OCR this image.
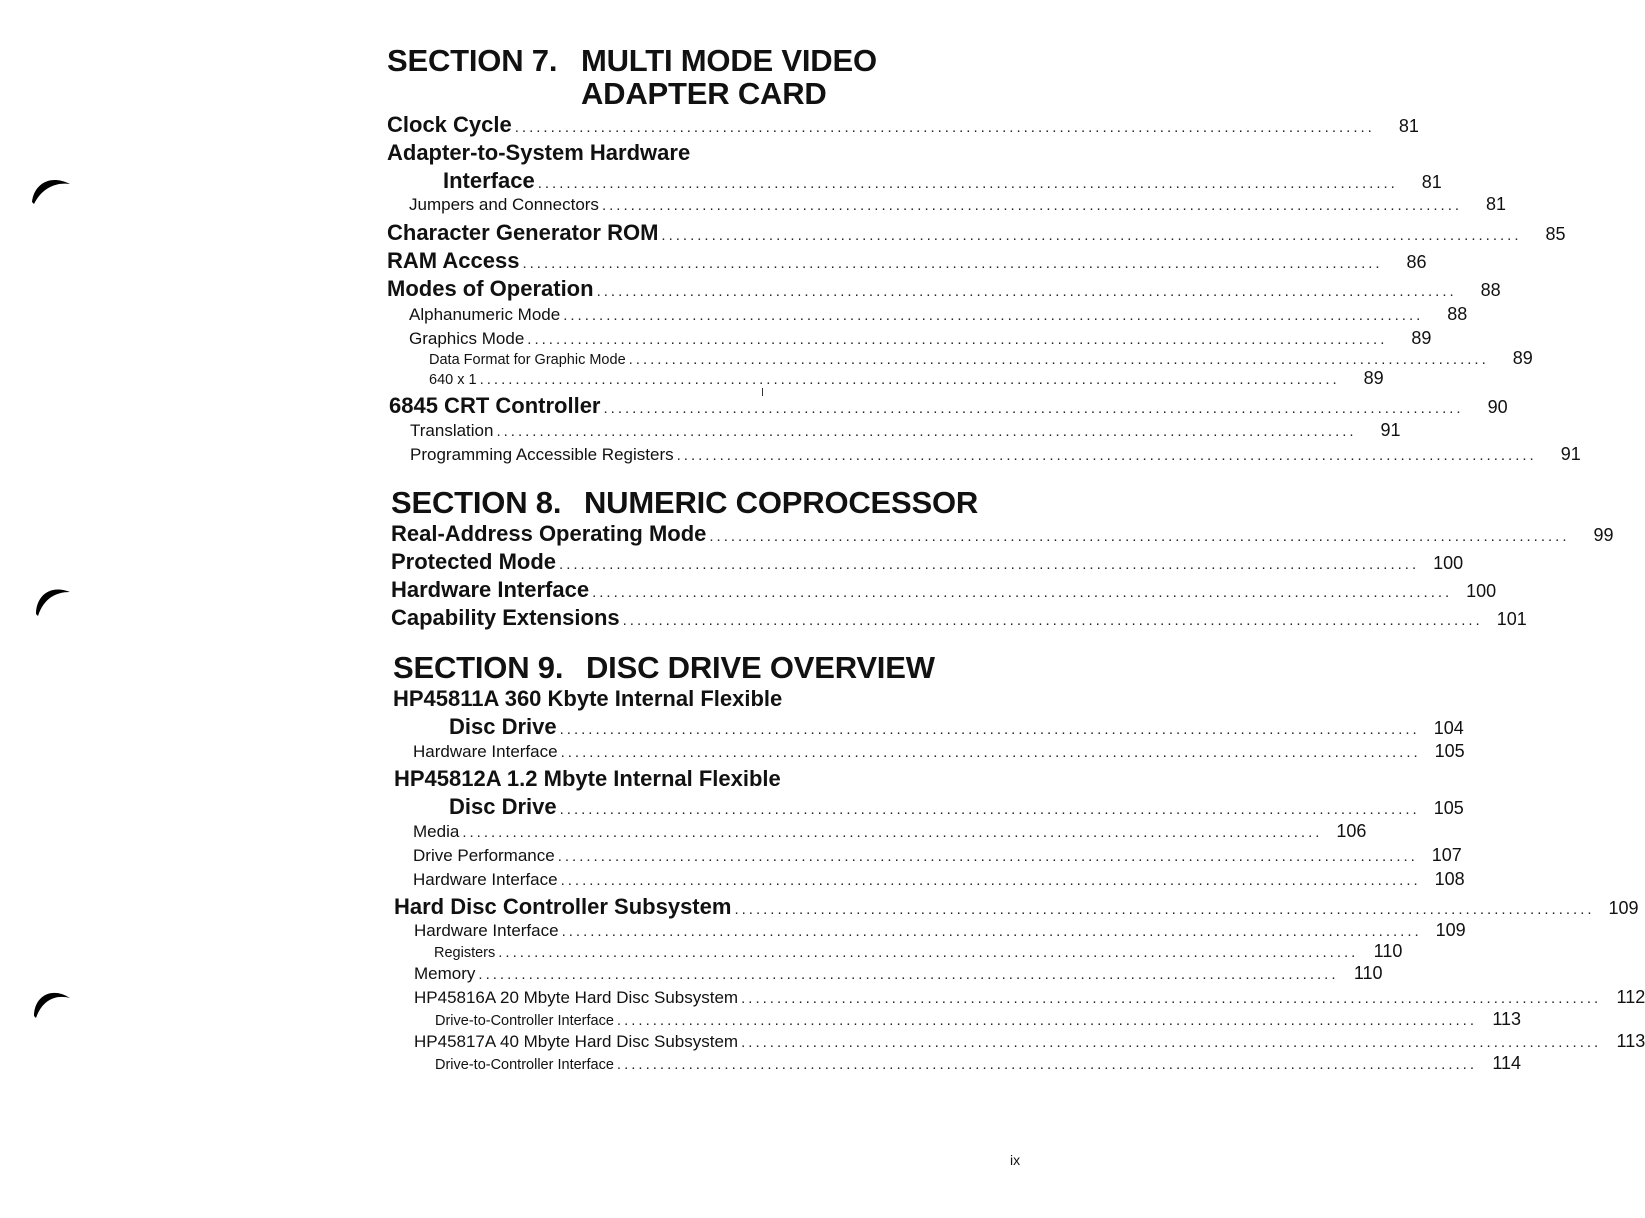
SECTION 7. MULTI MODE VIDEO
ADAPTER CARD
Clock Cycle ........................................................................................................................	81
Adapter-to-System Hardware
Interface ........................................................................................................................	81
Jumpers and Connectors ........................................................................................................................	81
Character Generator ROM ........................................................................................................................	85
RAM Access ........................................................................................................................	86
Modes of Operation ........................................................................................................................	88
Alphanumeric Mode ........................................................................................................................	88
Graphics Mode ........................................................................................................................	89
Data Format for Graphic Mode ........................................................................................................................	89
640 x 1 ........................................................................................................................	89
6845 CRT Controller ........................................................................................................................	90
Translation ........................................................................................................................	91
Programming Accessible Registers ........................................................................................................................	91
SECTION 8. NUMERIC COPROCESSOR
Real-Address Operating Mode ........................................................................................................................	99
Protected Mode ........................................................................................................................ 100
Hardware Interface ........................................................................................................................ 100
Capability Extensions ........................................................................................................................ 101
SECTION 9. DISC DRIVE OVERVIEW
HP45811A 360 Kbyte Internal Flexible
Disc Drive ........................................................................................................................ 104
Hardware Interface ........................................................................................................................ 105
HP45812A 1.2 Mbyte Internal Flexible
Disc Drive ........................................................................................................................ 105
Media ........................................................................................................................ 106
Drive Performance ........................................................................................................................ 107
Hardware Interface ........................................................................................................................ 108
Hard Disc Controller Subsystem ........................................................................................................................ 109
Hardware Interface ........................................................................................................................ 109
Registers ........................................................................................................................ 110
Memory ........................................................................................................................ 110
HP45816A 20 Mbyte Hard Disc Subsystem ........................................................................................................................ 112
Drive-to-Controller Interface ........................................................................................................................ 113
HP45817A 40 Mbyte Hard Disc Subsystem ........................................................................................................................ 113
Drive-to-Controller Interface ........................................................................................................................ 114
ix
